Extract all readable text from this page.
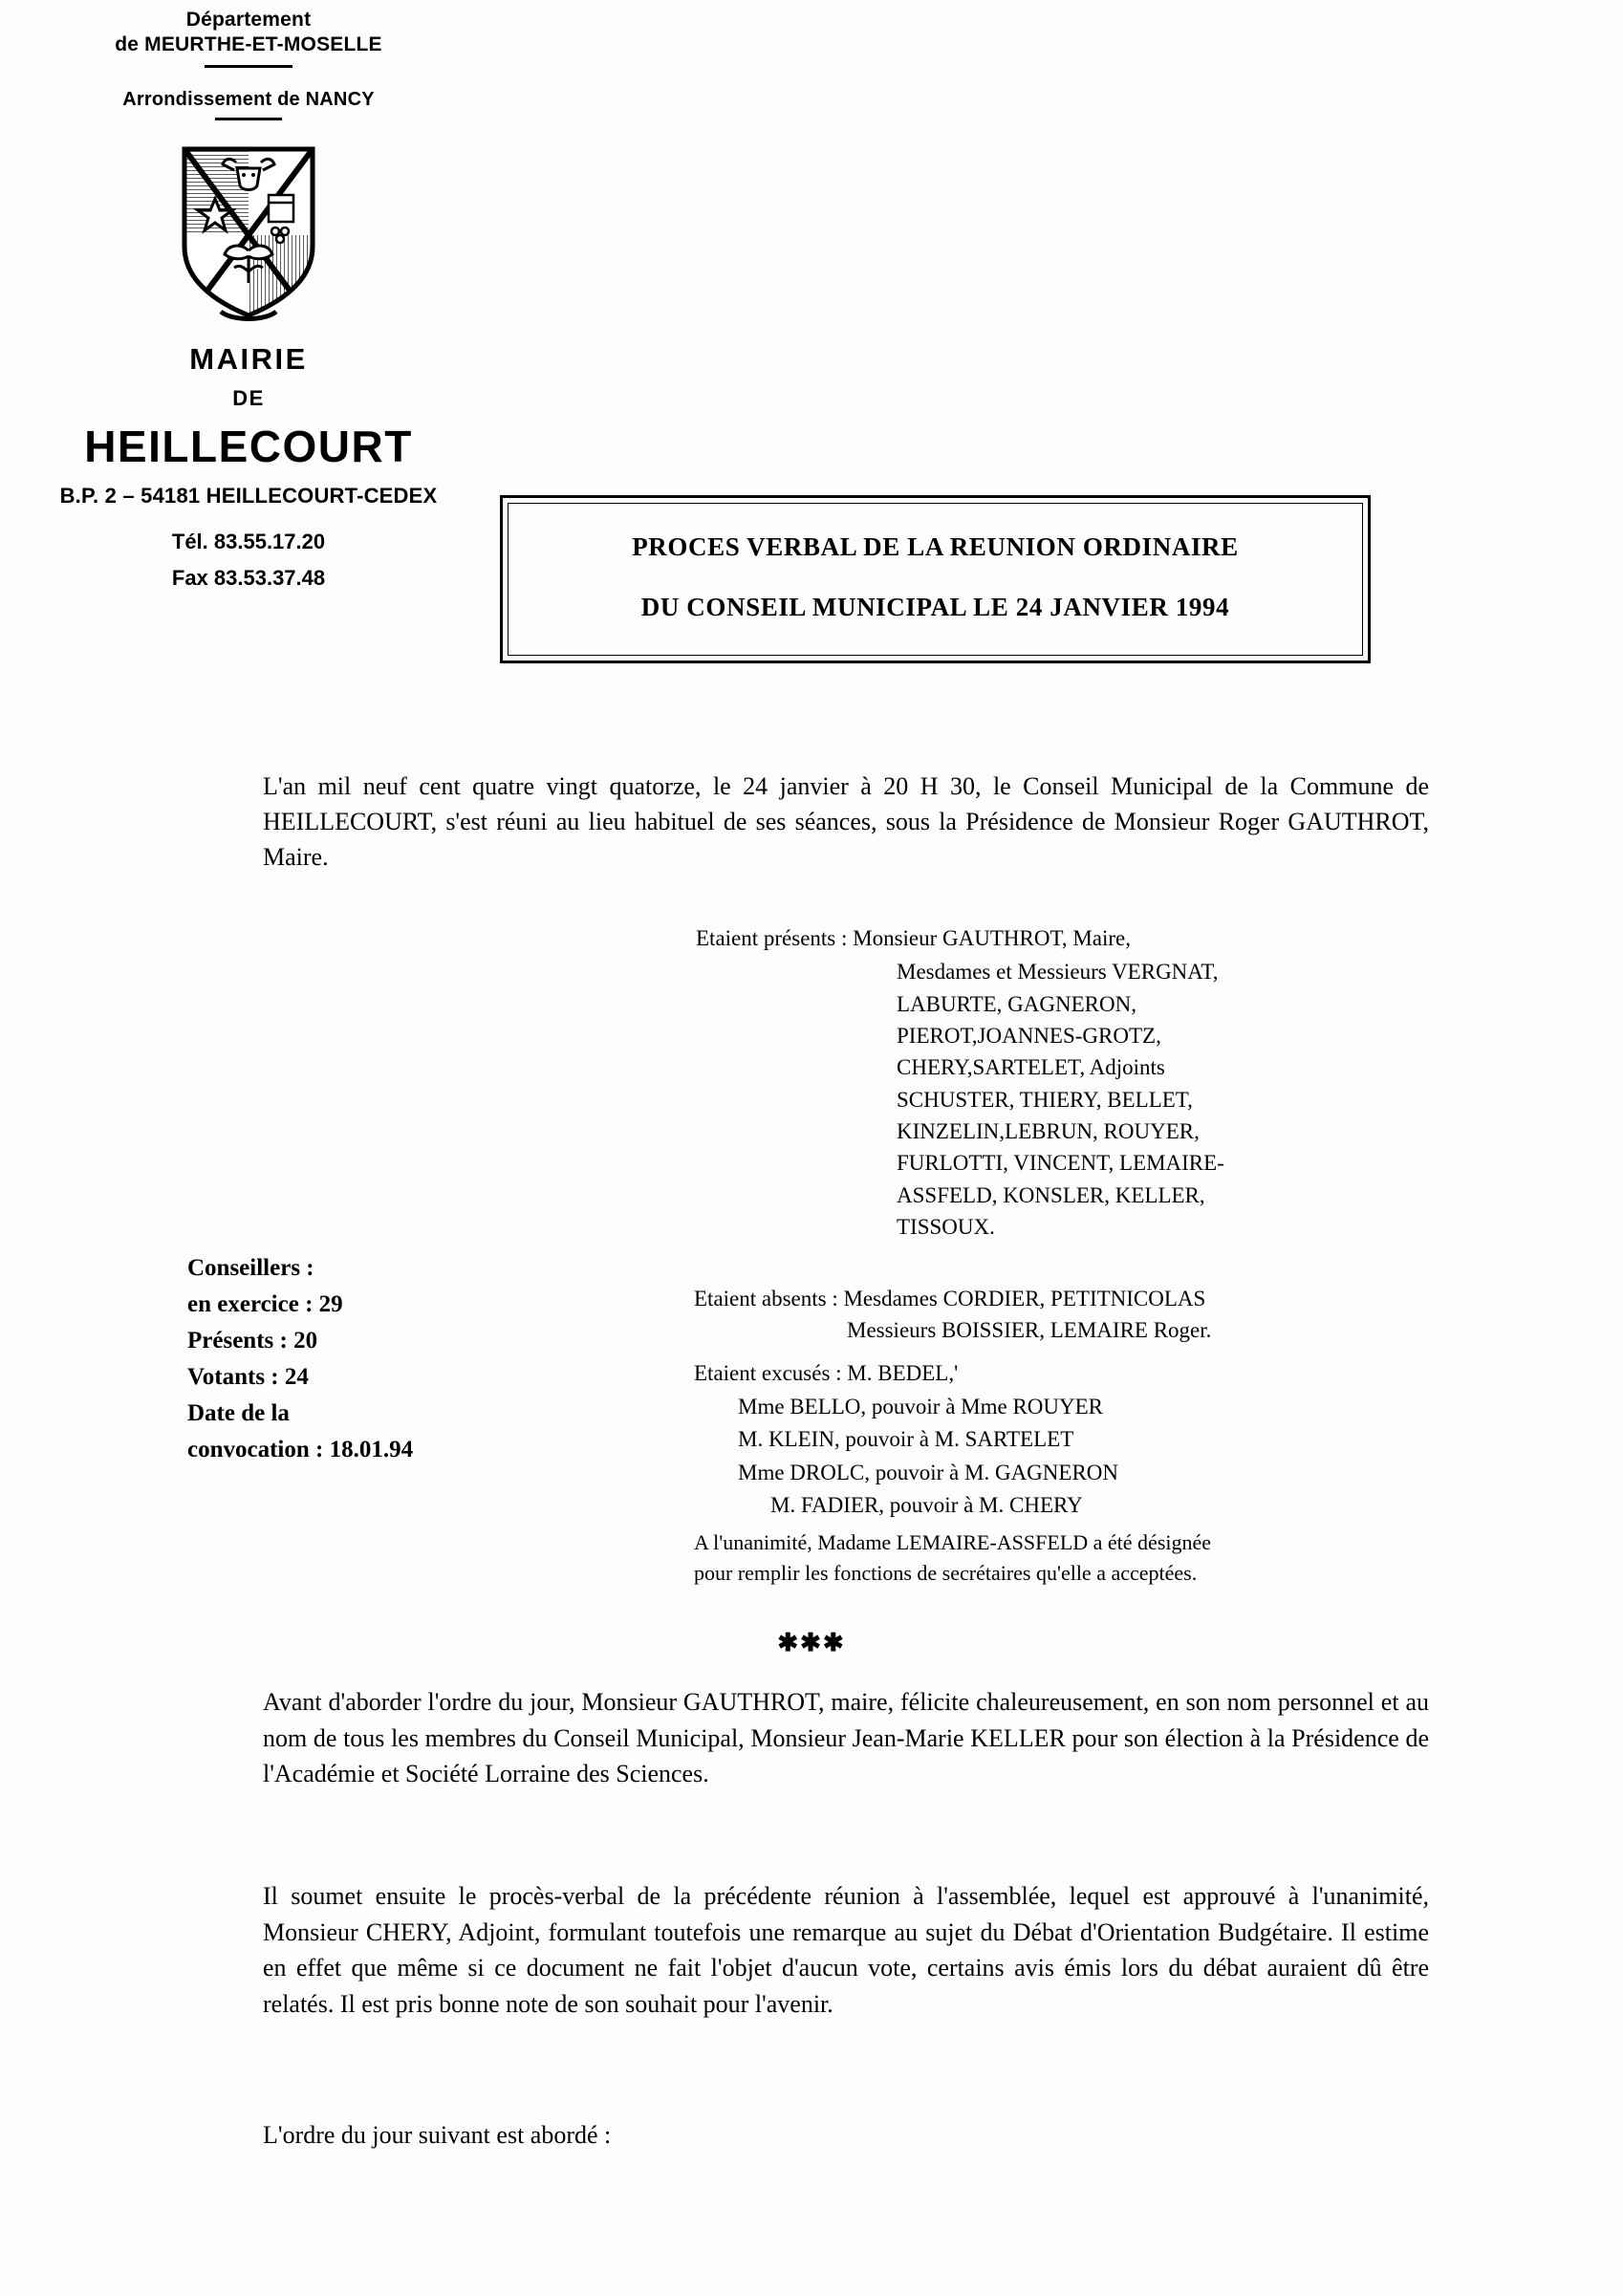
Département
de MEURTHE-ET-MOSELLE
Arrondissement de NANCY
MAIRIE
DE
HEILLECOURT
B.P. 2 – 54181 HEILLECOURT-CEDEX
Tél. 83.55.17.20
Fax 83.53.37.48
PROCES VERBAL DE LA REUNION ORDINAIRE
DU CONSEIL MUNICIPAL LE 24 JANVIER 1994
L'an mil neuf cent quatre vingt quatorze, le 24 janvier à 20 H 30, le Conseil Municipal de la Commune de HEILLECOURT, s'est réuni au lieu habituel de ses séances, sous la Présidence de Monsieur Roger GAUTHROT, Maire.
Etaient présents : Monsieur GAUTHROT, Maire,
Mesdames et Messieurs VERGNAT,
LABURTE, GAGNERON,
PIEROT,JOANNES-GROTZ,
CHERY,SARTELET, Adjoints
SCHUSTER, THIERY, BELLET,
KINZELIN,LEBRUN, ROUYER,
FURLOTTI, VINCENT, LEMAIRE-
ASSFELD, KONSLER, KELLER,
TISSOUX.
Conseillers :
en exercice : 29
Présents : 20
Votants : 24
Date de la
convocation : 18.01.94
Etaient absents : Mesdames CORDIER, PETITNICOLAS
Messieurs BOISSIER, LEMAIRE Roger.
Etaient excusés : M. BEDEL,'
Mme BELLO, pouvoir à Mme ROUYER
M. KLEIN, pouvoir à M. SARTELET
Mme DROLC, pouvoir à M. GAGNERON
M. FADIER, pouvoir à M. CHERY
A l'unanimité, Madame LEMAIRE-ASSFELD a été désignée
pour remplir les fonctions de secrétaires qu'elle a acceptées.
✱✱✱
Avant d'aborder l'ordre du jour, Monsieur GAUTHROT, maire, félicite chaleureusement, en son nom personnel et au nom de tous les membres du Conseil Municipal, Monsieur Jean-Marie KELLER pour son élection à la Présidence de l'Académie et Société Lorraine des Sciences.
Il soumet ensuite le procès-verbal de la précédente réunion à l'assemblée, lequel est approuvé à l'unanimité, Monsieur CHERY, Adjoint, formulant toutefois une remarque au sujet du Débat d'Orientation Budgétaire. Il estime en effet que même si ce document ne fait l'objet d'aucun vote, certains avis émis lors du débat auraient dû être relatés. Il est pris bonne note de son souhait pour l'avenir.
L'ordre du jour suivant est abordé :
